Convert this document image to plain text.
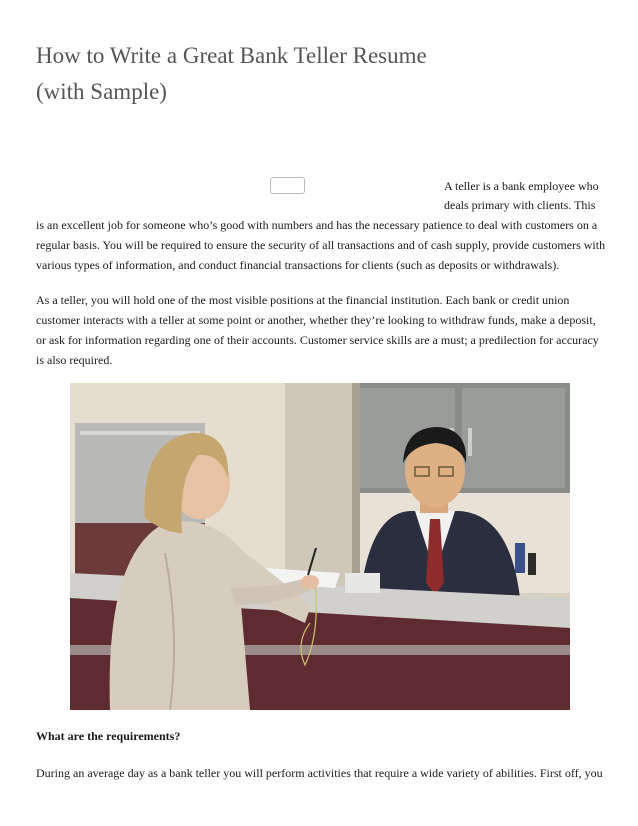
How to Write a Great Bank Teller Resume
(with Sample)

A teller is a bank employee who deals primary with clients. This

is an excellent job for someone who’s good with numbers and has the necessary patience to deal with customers on a regular basis. You will be required to ensure the security of all transactions and of cash supply, provide customers with various types of information, and conduct financial transactions for clients (such as deposits or withdrawals).

As a teller, you will hold one of the most visible positions at the financial institution. Each bank or credit union customer interacts with a teller at some point or another, whether they’re looking to withdraw funds, make a deposit, or ask for information regarding one of their accounts. Customer service skills are a must; a predilection for accuracy is also required.

What are the requirements?

During an average day as a bank teller you will perform activities that require a wide variety of abilities. First off, you
